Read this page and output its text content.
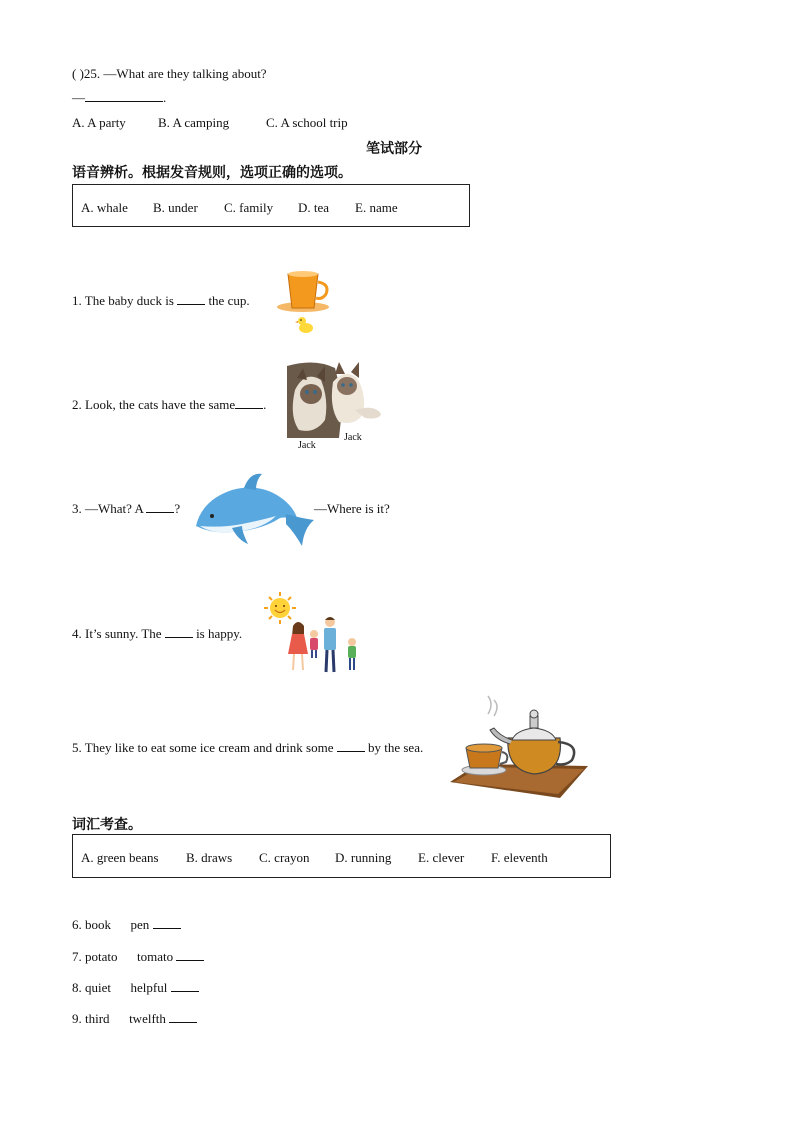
( )25. —What are they talking about?
—	.
A. A party B. A camping	C. A school trip
笔试部分
语音辨析。根据发音规则，选项正确的选项。
A. whale B. under C. family D. tea E. name
1. The baby duck is	the cup.
2. Look, the cats have the same .
Jack
Jack
3. —What? A ?	—Where is it?
4. It’s sunny. The	is happy.
5. They like to eat some ice cream and drink some	by the sea.
词汇考查。
A. green beans B. draws C. crayon D. running E. clever F. eleventh
6. book pen
7. potato tomato
8. quiet helpful
9. third twelfth
